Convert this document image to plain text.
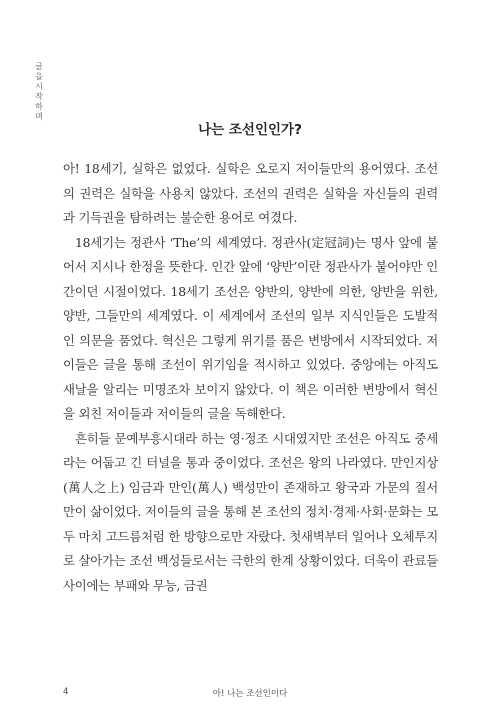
글을 시작하며
나는 조선인인가?

아! 18세기, 실학은 없었다. 실학은 오로지 저이들만의 용어였다. 조선의 권력은 실학을 사용치 않았다. 조선의 권력은 실학을 자신들의 권력과 기득권을 탐하려는 불순한 용어로 여겼다.

18세기는 정관사 ‘The’의 세계였다. 정관사(定冠詞)는 명사 앞에 붙어서 지시나 한정을 뜻한다. 인간 앞에 ‘양반’이란 정관사가 붙어야만 인간이던 시절이었다. 18세기 조선은 양반의, 양반에 의한, 양반을 위한, 양반, 그들만의 세계였다. 이 세계에서 조선의 일부 지식인들은 도발적인 의문을 품었다. 혁신은 그렇게 위기를 품은 변방에서 시작되었다. 저이들은 글을 통해 조선이 위기임을 적시하고 있었다. 중앙에는 아직도 새날을 알리는 미명조차 보이지 않았다. 이 책은 이러한 변방에서 혁신을 외친 저이들과 저이들의 글을 독해한다.

흔히들 문예부흥시대라 하는 영·정조 시대였지만 조선은 아직도 중세라는 어둡고 긴 터널을 통과 중이었다. 조선은 왕의 나라였다. 만인지상(萬人之上) 임금과 만인(萬人) 백성만이 존재하고 왕국과 가문의 질서만이 삶이었다. 저이들의 글을 통해 본 조선의 정치·경제·사회·문화는 모두 마치 고드름처럼 한 방향으로만 자랐다. 첫새벽부터 일어나 오체투지로 살아가는 조선 백성들로서는 극한의 한계 상황이었다. 더욱이 관료들 사이에는 부패와 무능, 금권

4	아! 나는 조선인이다
